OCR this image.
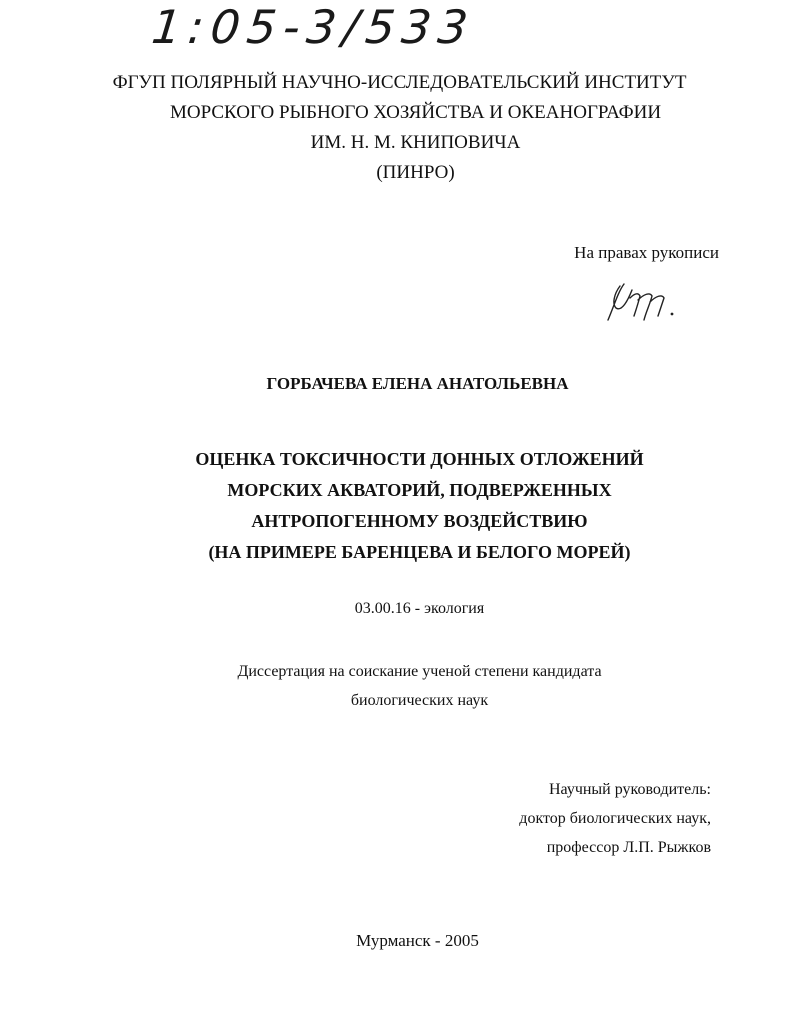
1:05-3/533
ФГУП ПОЛЯРНЫЙ НАУЧНО-ИССЛЕДОВАТЕЛЬСКИЙ ИНСТИТУТ
МОРСКОГО РЫБНОГО ХОЗЯЙСТВА И ОКЕАНОГРАФИИ
ИМ. Н. М. КНИПОВИЧА
(ПИНРО)
На правах рукописи
ГОРБАЧЕВА ЕЛЕНА АНАТОЛЬЕВНА
ОЦЕНКА ТОКСИЧНОСТИ ДОННЫХ ОТЛОЖЕНИЙ
МОРСКИХ АКВАТОРИЙ, ПОДВЕРЖЕННЫХ
АНТРОПОГЕННОМУ ВОЗДЕЙСТВИЮ
(НА ПРИМЕРЕ БАРЕНЦЕВА И БЕЛОГО МОРЕЙ)
03.00.16 - экология
Диссертация на соискание ученой степени кандидата
биологических наук
Научный руководитель:
доктор биологических наук,
профессор Л.П. Рыжков
Мурманск - 2005
